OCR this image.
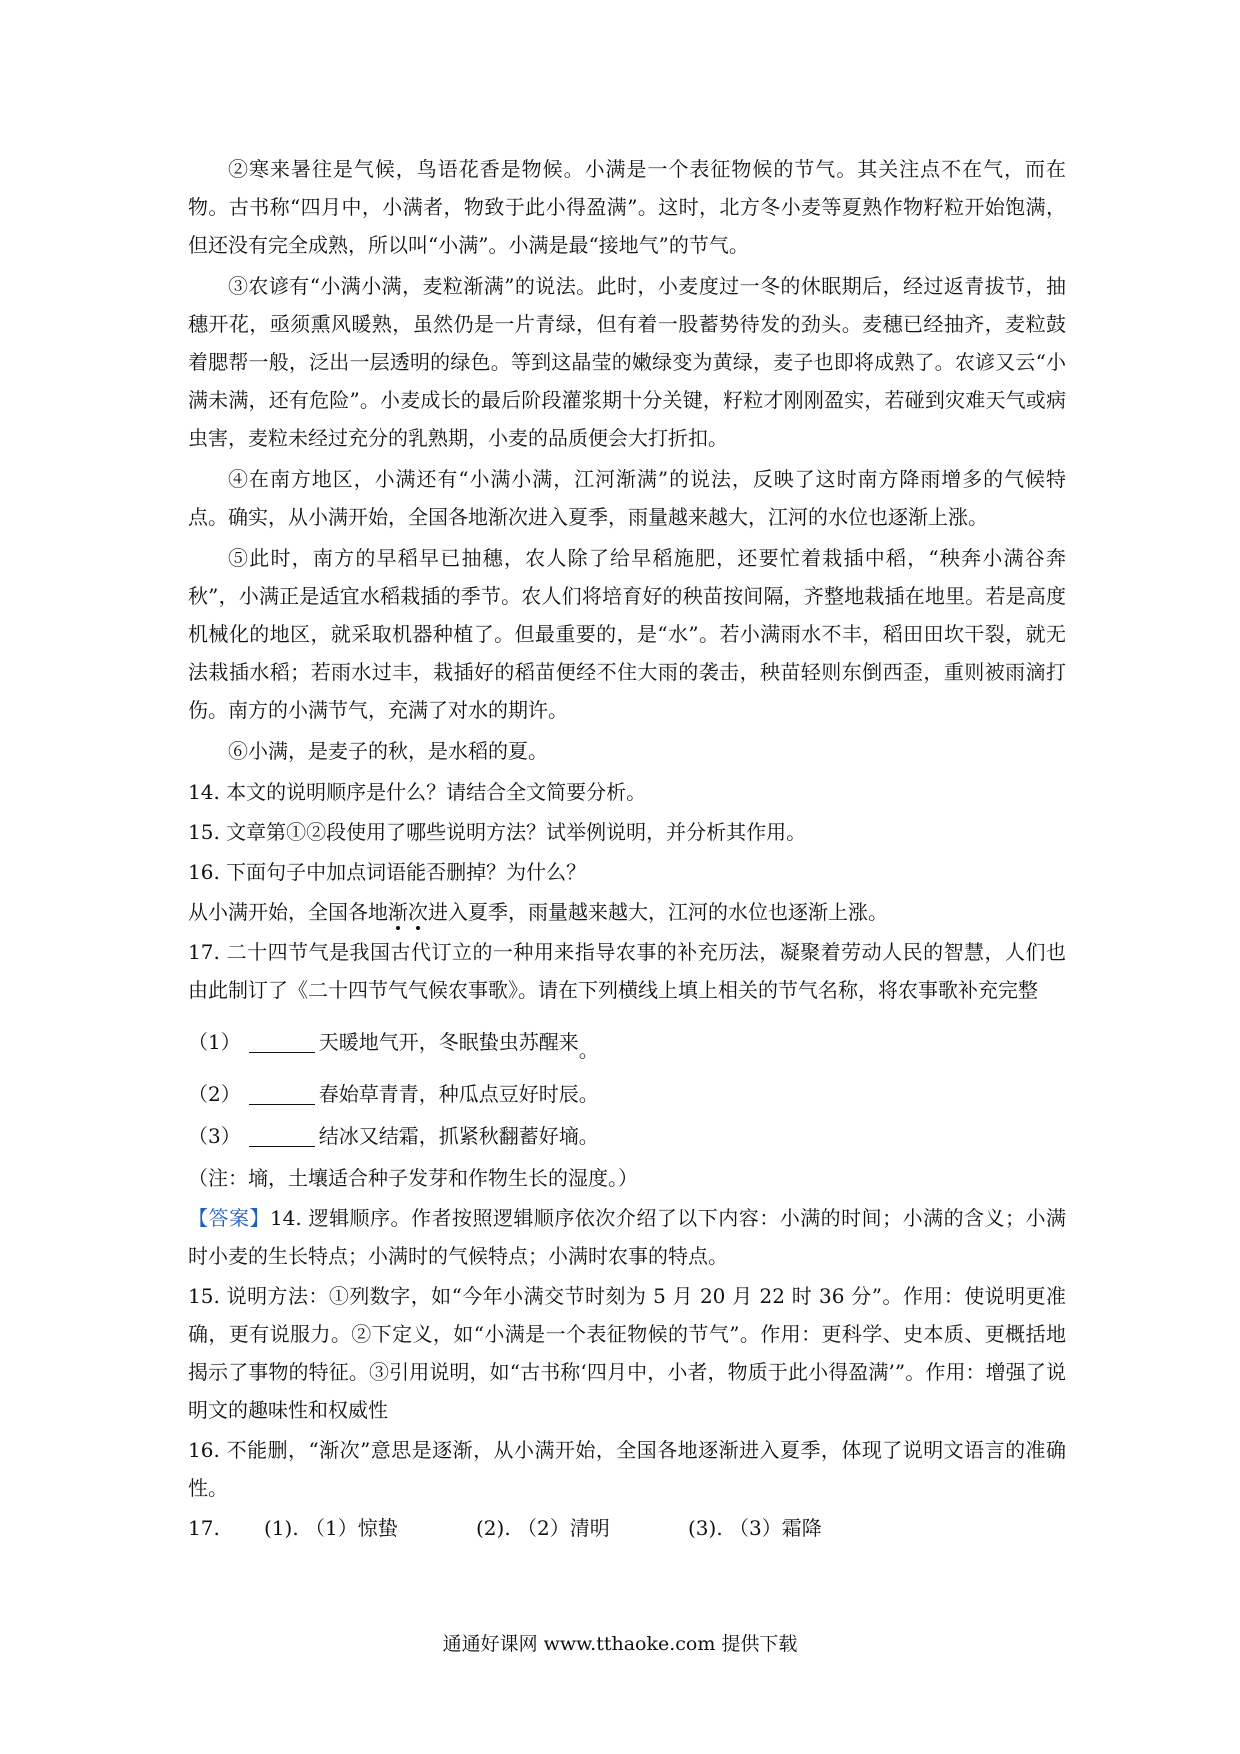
②寒来暑往是气候，鸟语花香是物候。小满是一个表征物候的节气。其关注点不在气，而在物。古书称“四月中，小满者，物致于此小得盈满”。这时，北方冬小麦等夏熟作物籽粒开始饱满，但还没有完全成熟，所以叫“小满”。小满是最“接地气”的节气。

③农谚有“小满小满，麦粒渐满”的说法。此时，小麦度过一冬的休眠期后，经过返青拔节，抽穗开花，亟须熏风暖熟，虽然仍是一片青绿，但有着一股蓄势待发的劲头。麦穗已经抽齐，麦粒鼓着腮帮一般，泛出一层透明的绿色。等到这晶莹的嫩绿变为黄绿，麦子也即将成熟了。农谚又云“小满未满，还有危险”。小麦成长的最后阶段灌浆期十分关键，籽粒才刚刚盈实，若碰到灾难天气或病虫害，麦粒未经过充分的乳熟期，小麦的品质便会大打折扣。

④在南方地区，小满还有“小满小满，江河渐满”的说法，反映了这时南方降雨增多的气候特点。确实，从小满开始，全国各地渐次进入夏季，雨量越来越大，江河的水位也逐渐上涨。

⑤此时，南方的早稻早已抽穗，农人除了给早稻施肥，还要忙着栽插中稻，“秧奔小满谷奔秋”，小满正是适宜水稻栽插的季节。农人们将培育好的秧苗按间隔，齐整地栽插在地里。若是高度机械化的地区，就采取机器种植了。但最重要的，是“水”。若小满雨水不丰，稻田田坎干裂，就无法栽插水稻；若雨水过丰，栽插好的稻苗便经不住大雨的袭击，秧苗轻则东倒西歪，重则被雨滴打伤。南方的小满节气，充满了对水的期许。

⑥小满，是麦子的秋，是水稻的夏。

14. 本文的说明顺序是什么？请结合全文简要分析。
15. 文章第①②段使用了哪些说明方法？试举例说明，并分析其作用。
16. 下面句子中加点词语能否删掉？为什么？
从小满开始，全国各地渐次进入夏季，雨量越来越大，江河的水位也逐渐上涨。
17. 二十四节气是我国古代订立的一种用来指导农事的补充历法，凝聚着劳动人民的智慧，人们也由此制订了《二十四节气气候农事歌》。请在下列横线上填上相关的节气名称，将农事歌补充完整
（1）	天暖地气开，冬眠蛰虫苏醒来。
（2）	春始草青青，种瓜点豆好时辰。
（3）	结冰又结霜，抓紧秋翻蓄好墒。
（注：墒，土壤适合种子发芽和作物生长的湿度。）
【答案】14. 逻辑顺序。作者按照逻辑顺序依次介绍了以下内容：小满的时间；小满的含义；小满时小麦的生长特点；小满时的气候特点；小满时农事的特点。
15. 说明方法：①列数字，如“今年小满交节时刻为 5 月 20 月 22 时 36 分”。作用：使说明更准确，更有说服力。②下定义，如“小满是一个表征物候的节气”。作用：更科学、史本质、更概括地揭示了事物的特征。③引用说明，如“古书称‘四月中，小者，物质于此小得盈满’”。作用：增强了说明文的趣味性和权威性
16. 不能删，“渐次”意思是逐渐，从小满开始，全国各地逐渐进入夏季，体现了说明文语言的准确性。
17. (1). （1）惊蛰	(2). （2）清明	(3). （3）霜降
通通好课网 www.tthaoke.com 提供下载
